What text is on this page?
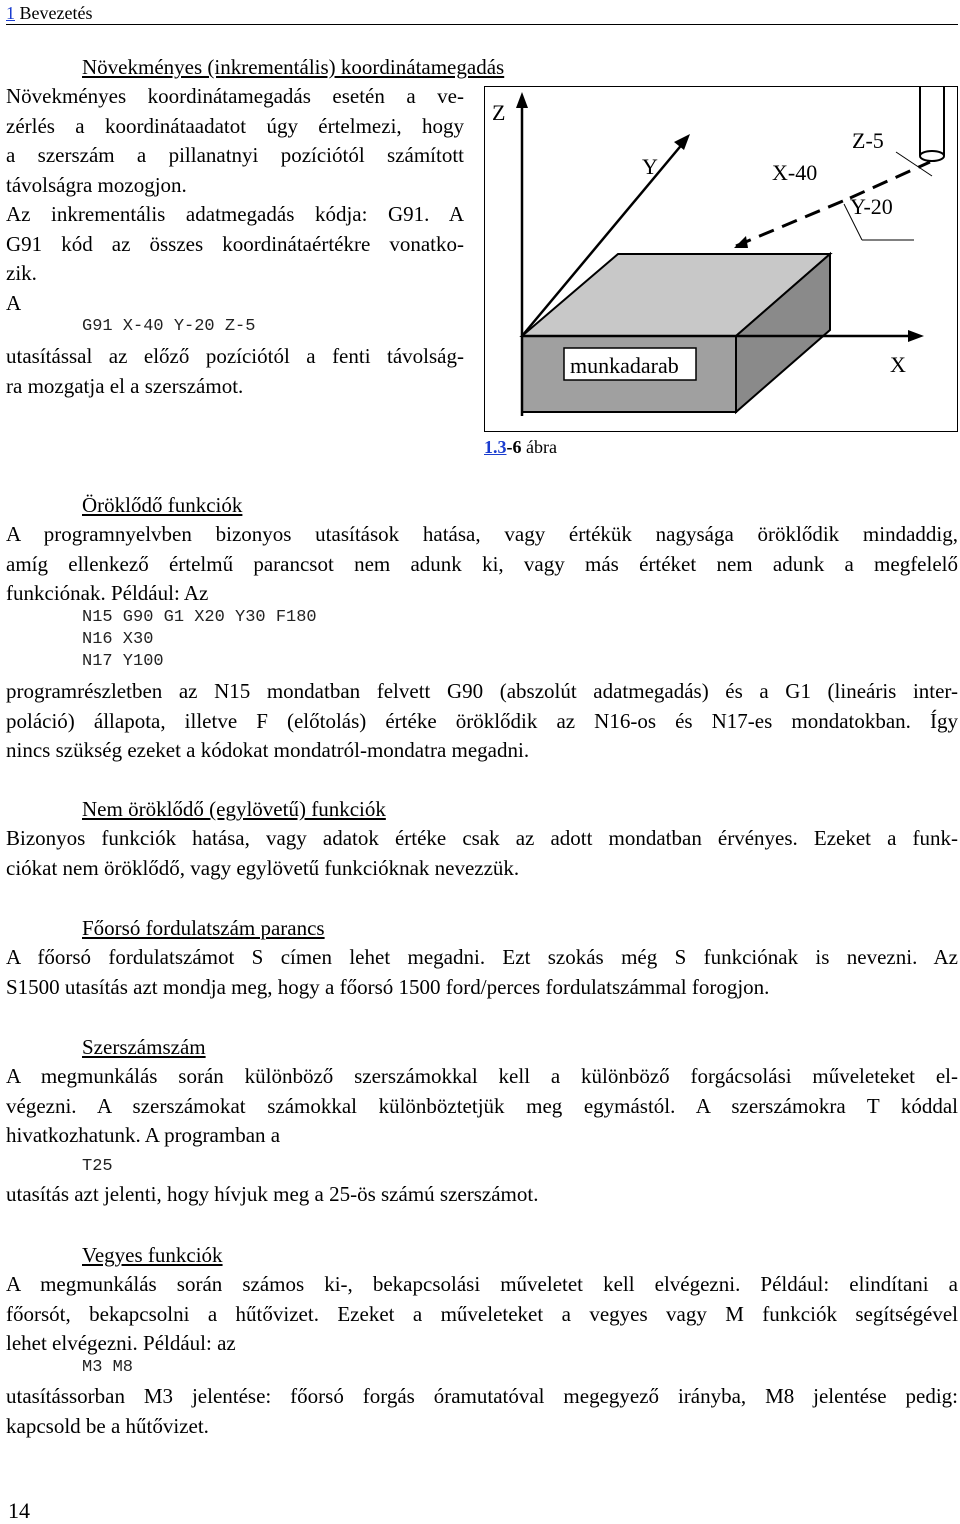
1 Bevezetés
Növekményes (inkrementális) koordinátamegadás
Növekményes koordinátamegadás esetén a ve-
zérlés a koordinátaadatot úgy értelmezi, hogy
a szerszám a pillanatnyi pozíciótól számított
távolságra mozogjon.
Az inkrementális adatmegadás kódja: G91. A
G91 kód az összes koordinátaértékre vonatko-
zik.
A
G91 X-40 Y-20 Z-5
utasítással az előző pozíciótól a fenti távolság-
ra mozgatja el a szerszámot.
Z
Y
X
X-40
Z-5
Y-20
munkadarab
1.3-6 ábra
Öröklődő funkciók
A programnyelvben bizonyos utasítások hatása, vagy értékük nagysága öröklődik mindaddig,
amíg ellenkező értelmű parancsot nem adunk ki, vagy más értéket nem adunk a megfelelő
funkciónak. Például: Az
N15 G90 G1 X20 Y30 F180
N16 X30
N17 Y100
programrészletben az N15 mondatban felvett G90 (abszolút adatmegadás) és a G1 (lineáris inter-
poláció) állapota, illetve F (előtolás) értéke öröklődik az N16-os és N17-es mondatokban. Így
nincs szükség ezeket a kódokat mondatról-mondatra megadni.
Nem öröklődő (egylövetű) funkciók
Bizonyos funkciók hatása, vagy adatok értéke csak az adott mondatban érvényes. Ezeket a funk-
ciókat nem öröklődő, vagy egylövetű funkcióknak nevezzük.
Főorsó fordulatszám parancs
A főorsó fordulatszámot S címen lehet megadni. Ezt szokás még S funkciónak is nevezni. Az
S1500 utasítás azt mondja meg, hogy a főorsó 1500 ford/perces fordulatszámmal forogjon.
Szerszámszám
A megmunkálás során különböző szerszámokkal kell a különböző forgácsolási műveleteket el-
végezni. A szerszámokat számokkal különböztetjük meg egymástól. A szerszámokra T kóddal
hivatkozhatunk. A programban a
T25
utasítás azt jelenti, hogy hívjuk meg a 25-ös számú szerszámot.
Vegyes funkciók
A megmunkálás során számos ki-, bekapcsolási műveletet kell elvégezni. Például: elindítani a
főorsót, bekapcsolni a hűtővizet. Ezeket a műveleteket a vegyes vagy M funkciók segítségével
lehet elvégezni. Például: az
M3 M8
utasítássorban M3 jelentése: főorsó forgás óramutatóval megegyező irányba, M8 jelentése pedig:
kapcsold be a hűtővizet.
14
